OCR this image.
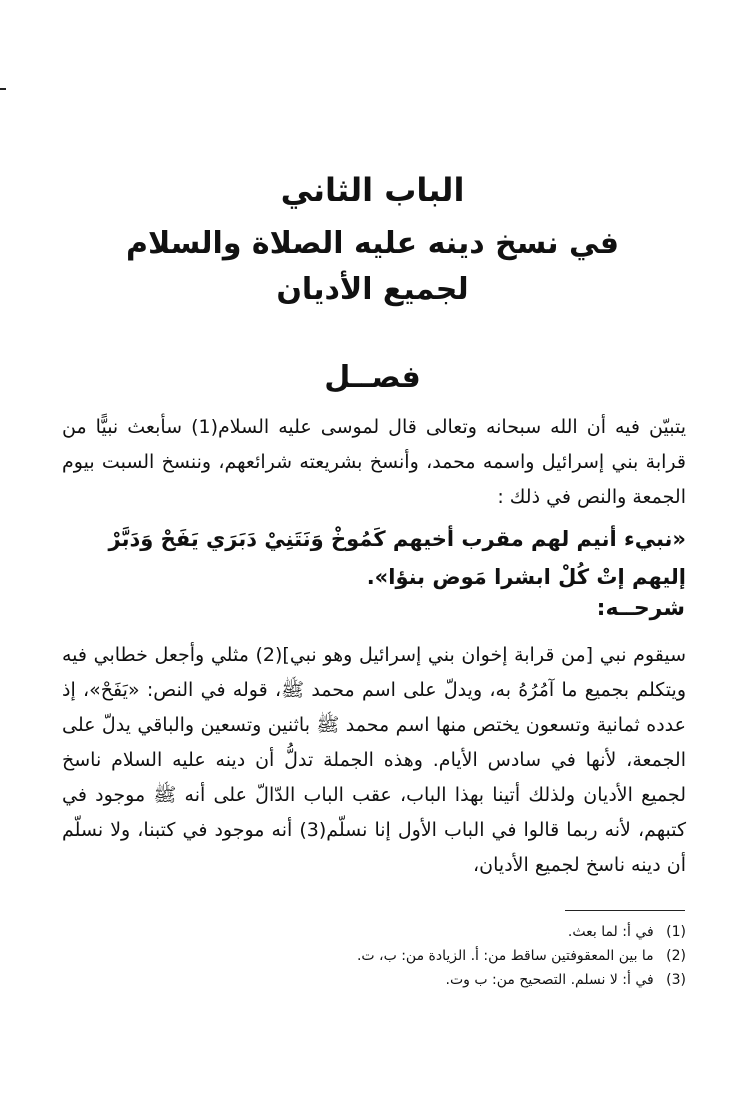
الباب الثاني
في نسخ دينه عليه الصلاة والسلام
لجميع الأديان
فصــل

يتبيّن فيه أن الله سبحانه وتعالى قال لموسى عليه السلام(1) سأبعث نبيًّا من قرابة بني إسرائيل واسمه محمد، وأنسخ بشريعته شرائعهم، وننسخ السبت بيوم الجمعة والنص في ذلك :

«نبيء أنيم لهم مقرب أخيهم كَمُوخْ وَنَتَنِيْ دَبَرَي يَفَحْ وَدَبَّرْ إليهم إتْ كُلْ ابشرا مَوض بنؤا».
شرحــه:

سيقوم نبي [من قرابة إخوان بني إسرائيل وهو نبي](2) مثلي وأجعل خطابي فيه ويتكلم بجميع ما آمُرُهُ به، ويدلّ على اسم محمد ﷺ، قوله في النص: «يَفَحْ»، إذ عدده ثمانية وتسعون يختص منها اسم محمد ﷺ باثنين وتسعين والباقي يدلّ على الجمعة، لأنها في سادس الأيام. وهذه الجملة تدلُّ أن دينه عليه السلام ناسخ لجميع الأديان ولذلك أتينا بهذا الباب، عقب الباب الدّالّ على أنه ﷺ موجود في كتبهم، لأنه ربما قالوا في الباب الأول إنا نسلّم(3) أنه موجود في كتبنا، ولا نسلّم أن دينه ناسخ لجميع الأديان،

(1) في أ: لما بعث.
(2) ما بين المعقوفتين ساقط من: أ. الزيادة من: ب، ت.
(3) في أ: لا نسلم. التصحيح من: ب وت.
